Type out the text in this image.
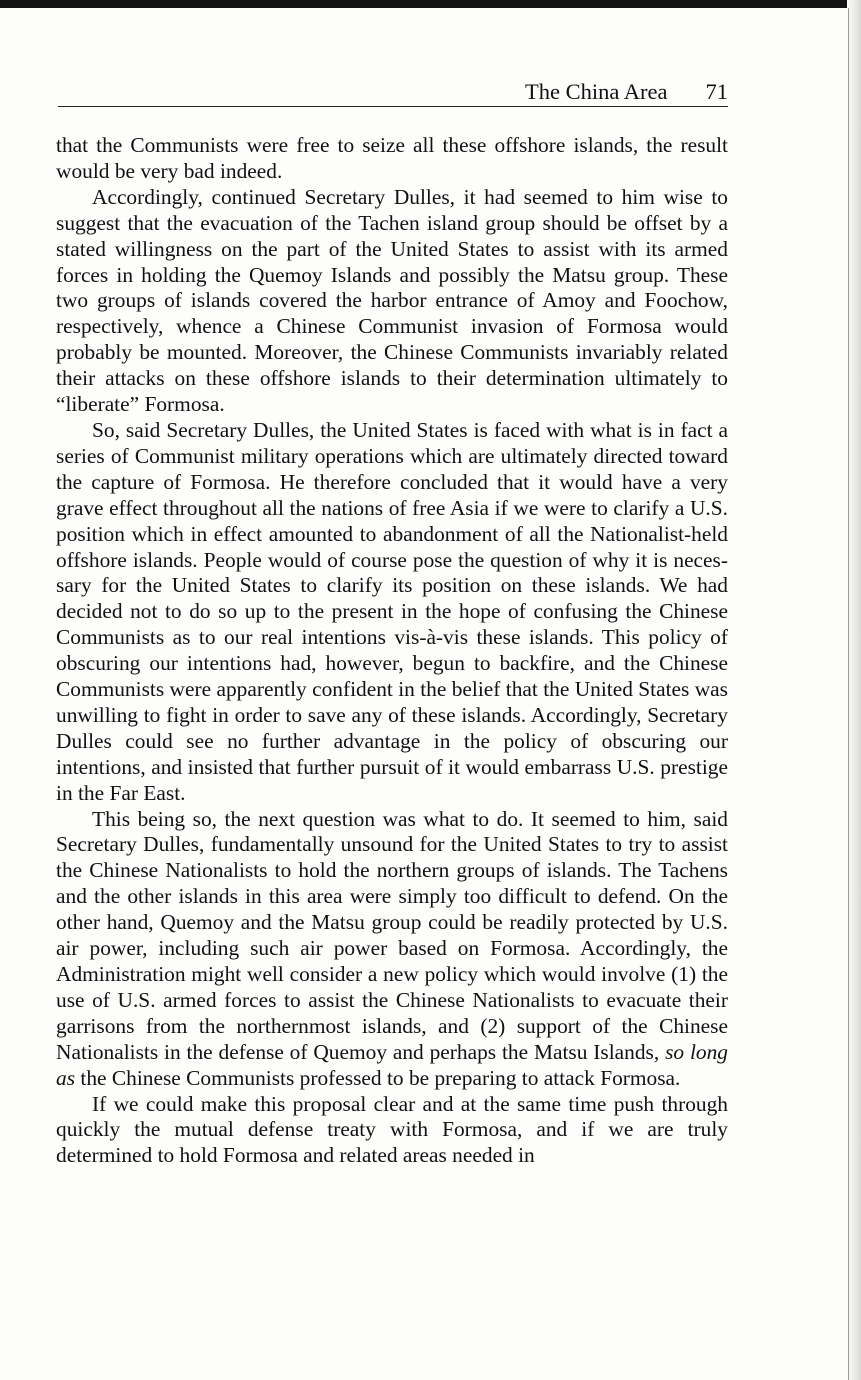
The China Area 71

that the Communists were free to seize all these offshore islands, the result would be very bad indeed.

Accordingly, continued Secretary Dulles, it had seemed to him wise to suggest that the evacuation of the Tachen island group should be offset by a stated willingness on the part of the United States to assist with its armed forces in holding the Quemoy Islands and possibly the Matsu group. These two groups of islands covered the harbor entrance of Amoy and Foochow, respectively, whence a Chinese Communist invasion of Formosa would probably be mounted. Moreover, the Chinese Communists invariably related their attacks on these offshore islands to their determination ultimately to “liberate” Formosa.

So, said Secretary Dulles, the United States is faced with what is in fact a series of Communist military operations which are ultimately directed toward the capture of Formosa. He therefore concluded that it would have a very grave effect throughout all the nations of free Asia if we were to clarify a U.S. position which in effect amounted to abandonment of all the Nationalist-held offshore islands. People would of course pose the question of why it is necessary for the United States to clarify its position on these islands. We had decided not to do so up to the present in the hope of confusing the Chinese Communists as to our real intentions vis-à-vis these islands. This policy of obscuring our intentions had, however, begun to backfire, and the Chinese Communists were apparently confident in the belief that the United States was unwilling to fight in order to save any of these islands. Accordingly, Secretary Dulles could see no further advantage in the policy of obscuring our intentions, and insisted that further pursuit of it would embarrass U.S. prestige in the Far East.

This being so, the next question was what to do. It seemed to him, said Secretary Dulles, fundamentally unsound for the United States to try to assist the Chinese Nationalists to hold the northern groups of islands. The Tachens and the other islands in this area were simply too difficult to defend. On the other hand, Quemoy and the Matsu group could be readily protected by U.S. air power, including such air power based on Formosa. Accordingly, the Administration might well consider a new policy which would involve (1) the use of U.S. armed forces to assist the Chinese Nationalists to evacuate their garrisons from the northernmost islands, and (2) support of the Chinese Nationalists in the defense of Quemoy and perhaps the Matsu Islands, so long as the Chinese Communists professed to be preparing to attack Formosa.

If we could make this proposal clear and at the same time push through quickly the mutual defense treaty with Formosa, and if we are truly determined to hold Formosa and related areas needed in
